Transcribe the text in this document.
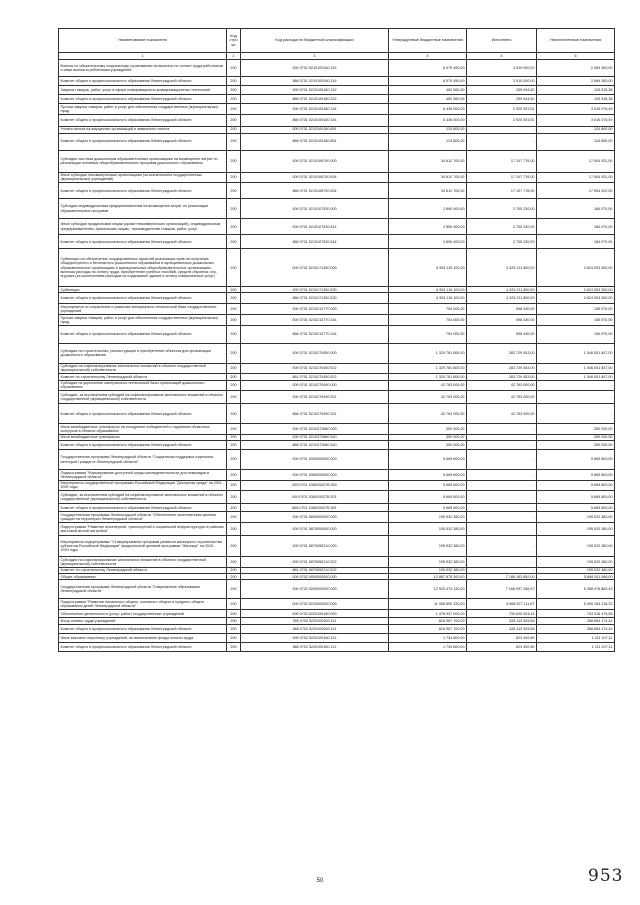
Наименование показателя	Код стро ки	Код расхода по бюджетной классификации	Утвержденные бюджетные назначения	Исполнено	Неисполненные назначения
1	2	3	4	5	6
Взносы по обязательному социальному страхованию на выплаты по оплате труда работников и иные выплаты работникам учреждений	200	000 0701 5210100160 119	6 579 450,00	3 910 000,00	2 669 450,00
Комитет общего и профессионального образования Ленинградской области	200	866 0701 5210100160 119	6 579 450,00	3 910 000,00	2 669 450,00
Закупка товаров, работ, услуг в сфере информационно-коммуникационных технологий	200	000 0701 5210100160 242	452 560,00	259 044,62	193 515,38
Комитет общего и профессионального образования Ленинградской области	200	866 0701 5210100160 242	452 560,00	259 044,62	193 515,38
Прочая закупка товаров, работ и услуг для обеспечения государственных (муниципальных) нужд	200	000 0701 5210100160 244	6 436 000,00	2 920 923,51	3 515 076,49
Комитет общего и профессионального образования Ленинградской области	200	866 0701 5210100160 244	6 436 000,00	2 920 923,51	3 515 076,49
Уплата налога на имущество организаций и земельного налога	200	000 0701 5210100160 851	124 800,00	-	124 800,00
Комитет общего и профессионального образования Ленинградской области	200	866 0701 5210100160 851	124 800,00	-	124 800,00
Субсидии частным дошкольным образовательным организациям на возмещение затрат по реализации основных общеобразовательных программ дошкольного образования	200	000 0701 5210106700 000	34 612 700,00	17 107 778,00	17 504 922,00
Иные субсидии некоммерческим организациям (за исключением государственных (муниципальных) учреждений)	200	000 0701 5210106700 634	34 612 700,00	17 107 778,00	17 504 922,00
Комитет общего и профессионального образования Ленинградской области	200	866 0701 5210106700 634	34 612 700,00	17 107 778,00	17 504 922,00
Субсидии индивидуальным предпринимателям на возмещение затрат по реализации образовательных программ	200	000 0701 5210107530 000	2 890 400,00	2 705 330,00	184 070,00
Иные субсидии юридическим лицам (кроме некоммерческих организаций), индивидуальным предпринимателям, физическим лицам - производителям товаров, работ, услуг	200	000 0701 5210107530 814	2 890 400,00	2 705 330,00	184 070,00
Комитет общего и профессионального образования Ленинградской области	200	866 0701 5210107530 814	2 890 400,00	2 705 330,00	184 070,00
Субвенции на обеспечение государственных гарантий реализации прав на получение общедоступного и бесплатного дошкольного образования в муниципальных дошкольных образовательных организациях и муниципальных общеобразовательных организациях, включая расходы на оплату труда, приобретение учебных пособий, средств обучения, игр, игрушек (за исключением расходов на содержание зданий и оплату коммунальных услуг)	200	000 0701 5210171350 000	6 954 115 100,00	4 329 211 800,00	2 624 903 300,00
Субвенции	200	000 0701 5210171350 530	6 954 115 100,00	4 329 211 800,00	2 624 903 300,00
Комитет общего и профессионального образования Ленинградской области	200	866 0701 5210171350 530	6 954 115 100,00	4 329 211 800,00	2 624 903 300,00
Мероприятия по сохранению и развитию материально-технической базы государственных учреждений	200	000 0701 5210213770 000	754 000,00	598 430,00	155 570,00
Прочая закупка товаров, работ и услуг для обеспечения государственных (муниципальных) нужд	200	000 0701 5210213770 244	754 000,00	598 430,00	155 570,00
Комитет общего и профессионального образования Ленинградской области	200	866 0701 5210213770 244	754 000,00	598 430,00	155 570,00
Субсидии на строительство, реконструкцию и приобретение объектов для организации дошкольного образования	200	000 0701 5210270450 000	1 329 781 800,00	283 729 453,00	1 046 051 847,00
Субсидии на софинансирование капитальных вложений в объекты государственной (муниципальной) собственности	200	000 0701 5210270450 522	1 329 781 800,00	283 729 453,00	1 046 051 847,00
Комитет по строительству Ленинградской области	200	861 0701 5210270450 522	1 329 781 800,00	283 729 453,00	1 046 051 847,00
Субсидии на укрепление материально-технической базы организаций дошкольного образования	200	000 0701 5210270490 000	42 763 000,00	42 763 000,00	-
Субсидии, за исключением субсидий на софинансирование капитальных вложений в объекты государственной (муниципальной) собственности	200	000 0701 5210270490 521	42 763 000,00	42 763 000,00	-
Комитет общего и профессионального образования Ленинградской области	200	866 0701 5210270490 521	42 763 000,00	42 763 000,00	-
Иные межбюджетные трансферты на поощрение победителей и лауреатов областных конкурсов в области образования	200	000 0701 5210372680 000	350 000,00	-	350 000,00
Иные межбюджетные трансферты	200	000 0701 5210372680 540	350 000,00	-	350 000,00
Комитет общего и профессионального образования Ленинградской области	200	866 0701 5210372680 540	350 000,00	-	350 000,00
Государственная программа Ленинградской области "Социальная поддержка отдельных категорий граждан в Ленинградской области"	200	000 0701 5300000000 000	5 669 600,00	-	5 669 600,00
Подпрограмма "Формирование доступной среды жизнедеятельности для инвалидов в Ленинградской области"	200	000 0701 5360000000 000	5 669 600,00	-	5 669 600,00
Мероприятия государственной программы Российской Федерации "Доступная среда" на 2011 - 2020 годы	200	000 0701 536015027В 000	5 669 600,00	-	5 669 600,00
Субсидии, за исключением субсидий на софинансирование капитальных вложений в объекты государственной (муниципальной) собственности	200	000 0701 536015027В 521	5 669 600,00	-	5 669 600,00
Комитет общего и профессионального образования Ленинградской области	200	866 0701 536015027В 521	5 669 600,00	-	5 669 600,00
Государственная программа Ленинградской области "Обеспечение качественным жильем граждан на территории Ленинградской области"	200	000 0701 5800000000 000	195 532 380,00	-	195 532 380,00
Подпрограмма "Развитие инженерной, транспортной и социальной инфраструктуры в районах массовой жилой застройки"	200	000 0701 5870000000 000	195 532 380,00	-	195 532 380,00
Мероприятия подпрограммы "Стимулирование программ развития жилищного строительства субъектов Российской Федерации" федеральной целевой программы "Жилище" на 2015 - 2020 годы	200	000 0701 5870950210 000	195 532 380,00	-	195 532 380,00
Субсидии на софинансирование капитальных вложений в объекты государственной (муниципальной) собственности	200	000 0701 5870950210 522	195 532 380,00	-	195 532 380,00
Комитет по строительству Ленинградской области	200	861 0701 5870950210 522	195 532 380,00	-	195 532 380,00
Общее образование	200	000 0702 0000000000 000	12 867 675 300,00	7 186 163 852,00	5 668 511 088,00
Государственная программа Ленинградской области "Современное образование Ленинградской области"	200	000 0702 5200000000 000	12 525 474 130,00	7 166 997 266,57	5 358 476 863,43
Подпрограмма "Развитие начального общего, основного общего и среднего общего образования детей Ленинградской области"	200	000 0702 5220000000 000	11 956 890 330,00	6 866 677 111,67	5 090 183 218,33
Обеспечение деятельности (услуг, работ) государственных учреждений	200	000 0702 5220100160 000	1 476 937 000,00	730 620 524,44	743 316 475,56
Фонд оплаты труда учреждений	200	000 0702 5220100160 111	816 967 700,00	428 113 525,56	388 854 174,44
Комитет общего и профессионального образования Ленинградской области	200	866 0702 5220100160 111	816 967 700,00	428 113 525,56	388 854 174,44
Иные выплаты персоналу учреждений, за исключением фонда оплаты труда	200	000 0702 5220100160 112	1 734 600,00	623 492,89	1 111 107,11
Комитет общего и профессионального образования Ленинградской области	200	866 0702 5220100160 112	1 734 600,00	623 492,89	1 111 107,11
50	953
